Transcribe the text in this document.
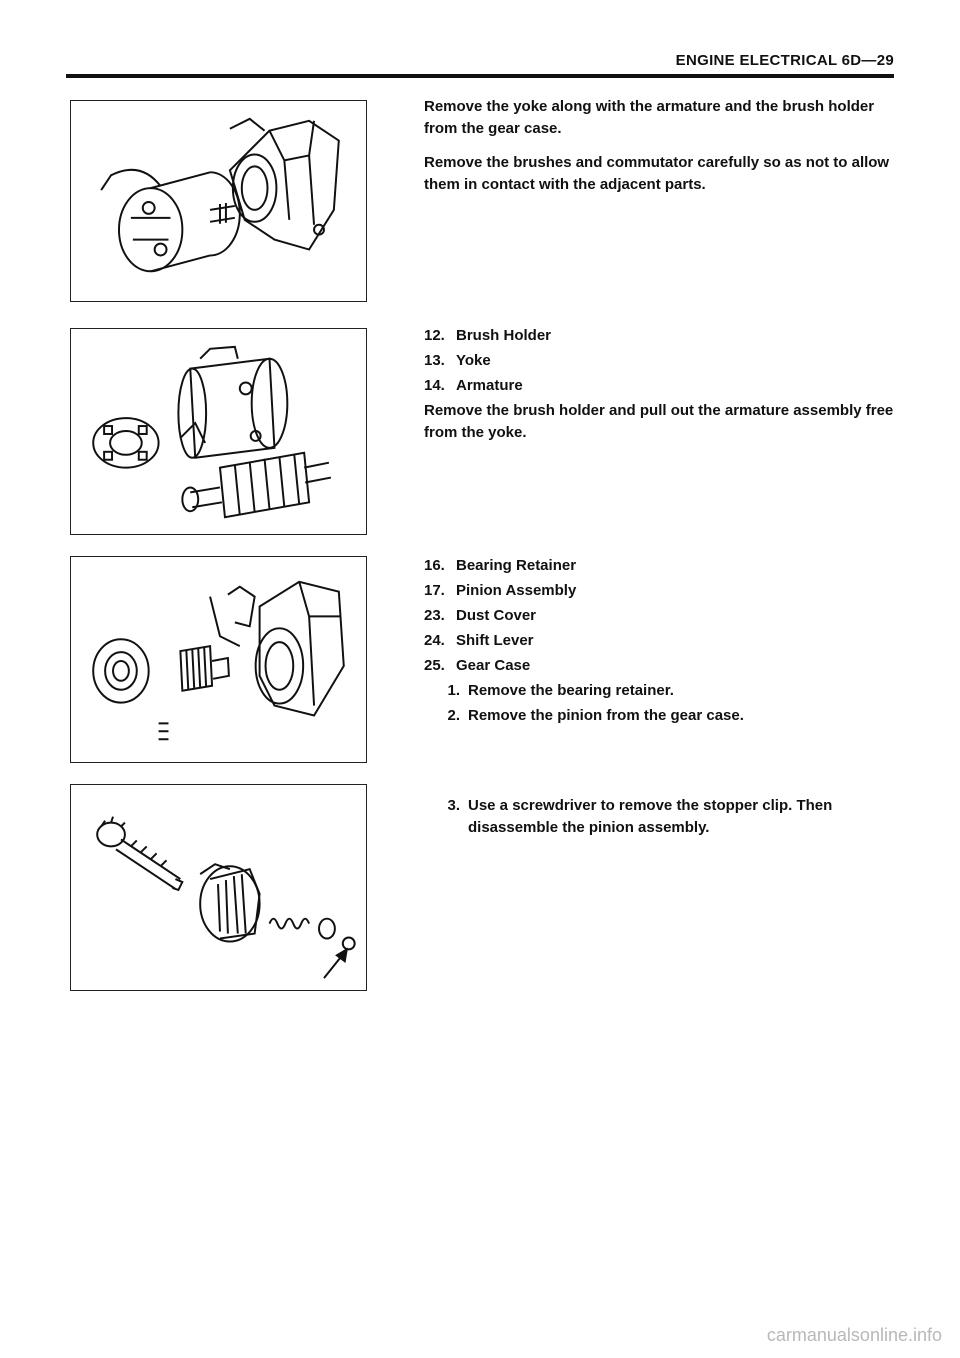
ENGINE ELECTRICAL 6D—29

Remove the yoke along with the armature and the brush holder from the gear case.

Remove the brushes and commutator carefully so as not to allow them in contact with the adjacent parts.

12. Brush Holder
13. Yoke
14. Armature

Remove the brush holder and pull out the armature assembly free from the yoke.

16. Bearing Retainer
17. Pinion Assembly
23. Dust Cover
24. Shift Lever
25. Gear Case
1. Remove the bearing retainer.
2. Remove the pinion from the gear case.
3. Use a screwdriver to remove the stopper clip. Then disassemble the pinion assembly.
carmanualsonline.info
